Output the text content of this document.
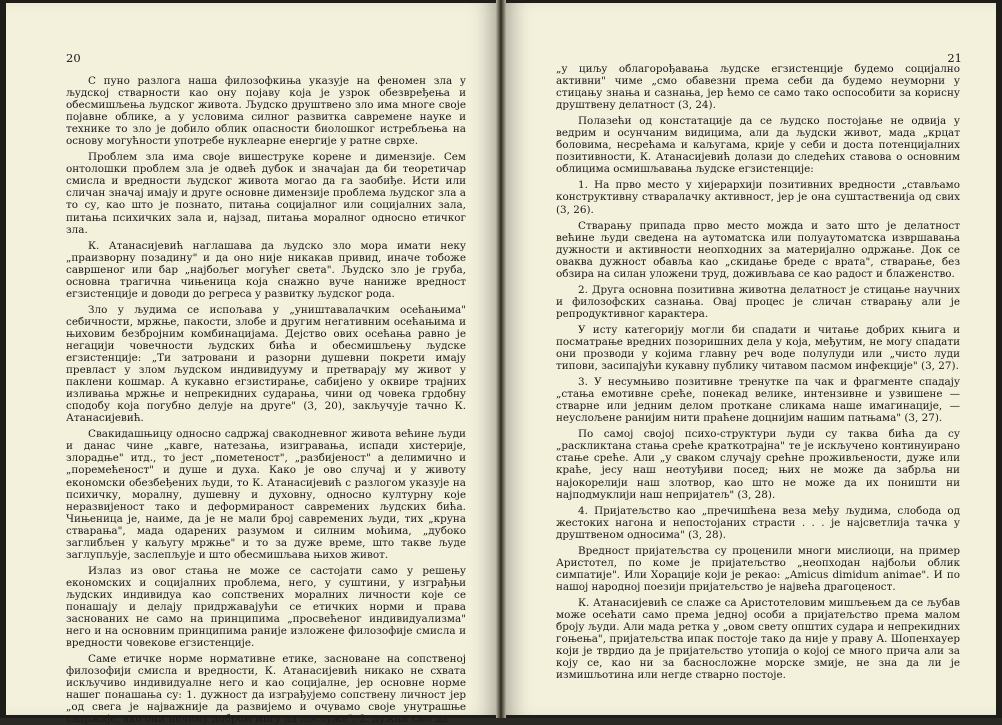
20

С пуно разлога наша филозофкиња указује на феномен зла у људској стварности као ону појаву која је узрок обезвређења и обесмишљења људског живота. Људско друштвено зло има многе своје појавне облике, а у условима силног развитка савремене науке и технике то зло је добило облик опасности биолошког истребљења на основу могућности употребе нуклеарне енергије у ратне сврхе.

Проблем зла има своје вишеструке корене и димензије. Сем онтолошки проблем зла је одвећ дубок и значајан да би теоретичар смисла и вредности људског живота могао да га заобиђе. Исти или сличан значај имају и друге основне димензије проблема људског зла а то су, као што је познато, питања социјалног или социјалних зала, питања психичких зала и, најзад, питања моралног односно етичког зла.

К. Атанасијевић наглашава да људско зло мора имати неку „праизворну позадину" и да оно није никакав привид, иначе тобоже савршеног или бар „најбољег могућег света". Људско зло је груба, основна трагична чињеница која снажно вуче наниже вредност егзистенције и доводи до регреса у развитку људског рода.

Зло у људима се испољава у „уништавалачким осећањима" себичности, мржње, пакости, злобе и другим негативним осећањима и њиховим безбројним комбинацијама. Дејство ових осећања равно је негацији човечности људских бића и обесмишљењу људске егзистенције: „Ти затровани и разорни душевни покрети имају превласт у злом људском индивидууму и претварају му живот у паклени кошмар. А кукавно егзистирање, сабијено у оквире трајних изливања мржње и непрекидних сударања, чини од човека грдобну сподобу која погубно делује на друге" (3, 20), закључује тачно К. Атанасијевић.

Свакидашњицу односно садржај свакодневног живота већине људи и данас чине „кавге, натезања, изигравања, испади хистерије, злорадње" итд., то јест „пометеност", „разбијеност" а делимично и „поремећеност" и душе и духа. Како је ово случај и у животу економски обезбеђених људи, то К. Атанасијевић с разлогом указује на психичку, моралну, душевну и духовну, односно културну које неразвијеност тако и деформираност савремених људских бића. Чињеница је, наиме, да је не мали број савремених људи, тих „круна стварања", мада одарених разумом и силним моћима, „дубоко заглибљен у каљугу мржње" и то за дуже време, што такве људе заглупљује, заслепљује и што обесмишљава њихов живот.

Излаз из овог стања не може се састојати само у решењу економских и социјалних проблема, него, у суштини, у изграђњи људских индивидуа као сопствених моралних личности које се понашају и делају придржавајући се етичких норми и права заснованих не само на принципима „просвећеног индивидуализма" него и на основним принципима раније изложене филозофије смисла и вредности човекове егзистенције.

Саме етичке норме нормативне етике, засноване на сопственој филозофији смисла и вредности, К. Атанасијевић никако не схвата искључиво индивидуалне него и као социјалне, јер основне норме нашег понашања су: 1. дужност да изграђујемо сопствену личност јер „од свега је најважније да развијемо и очувамо своје унутрашње садржаје, ако они нечему добром могу да послуже"; 2. дужни смо да

21

„у циљу облагорођавања људске егзистенције будемо социјално активни" чиме „смо обавезни према себи да будемо неуморни у стицању знања и сазнања, јер ћемо се само тако оспособити за корисну друштвену делатност (3, 24).

Полазећи од констатације да се људско постојање не одвија у ведрим и осунчаним видицима, али да људски живот, мада „крцат боловима, несрећама и каљугама, крије у себи и доста потенцијалних позитивности, К. Атанасијевић долази до следећих ставова о основним облицима осмишљавања људске егзистенције:

1. На прво место у хијерархији позитивних вредности „стављамо конструктивну стваралачку активност, јер је она суштаственија од свих (3, 26).

Стварању припада прво место можда и зато што је делатност већине људи сведена на аутоматска или полуаутоматска извршавања дужности и активности неопходних за материјално одржање. Док се оваква дужност обавља као „скидање бреде с врата", стварање, без обзира на силан уложени труд, доживљава се као радост и блаженство.

2. Друга основна позитивна животна делатност је стицање научних и филозофских сазнања. Овај процес је сличан стварању али је репродуктивног карактера.

У исту категорију могли би спадати и читање добрих књига и посматрање вредних позоришних дела у која, међутим, не могу спадати они прозводи у којима главну реч воде полулуди или „чисто луди типови, засипајући кукавну публику читавом пасмом инфекције" (3, 27).

3. У несумњиво позитивне тренутке па чак и фрагменте спадају „стања емотивне среће, понекад велике, интензивне и узвишене — стварне или једним делом проткане сликама наше имагинације, — неуслољене ранијим нити праћене доцнијим нашим патњама" (3, 27).

По самој својој психо-структури људи су таква бића да су „раскликтана стања среће краткотрајна" те је искључено континуирано стање среће. Али „у сваком случају срећне проживљености, дуже или краће, јесу наш неотуђиви посед; њих не може да забрља ни најокорелији наш злотвор, као што не може да их поништи ни најподмуклији наш непријатељ" (3, 28).

4. Пријатељство као „пречишћена веза међу људима, слобода од жестоких нагона и непостојаних страсти . . . је најсветлија тачка у друштвеном односима" (3, 28).

Вредност пријатељства су проценили многи мислиоци, на пример Аристотел, по коме је пријатељство „неопходан најбољи облик симпатије". Или Хорације који је рекао: „Amicus dimidum animae". И по нашој народној поезији пријатељство је највећа драгоценост.

К. Атанасијевић се слаже са Аристотеловим мишљењем да се љубав може осећати само према једној особи а пријатељство према малом броју људи. Али мада ретка у „овом свету општих судара и непрекидних гоњења", пријатељства ипак постоје тако да није у праву А. Шопенхауер који је тврдио да је пријатељство утопија о којој се много прича али за коју се, као ни за басносложне морске змије, не зна да ли је измишљотина или негде стварно постоје.
